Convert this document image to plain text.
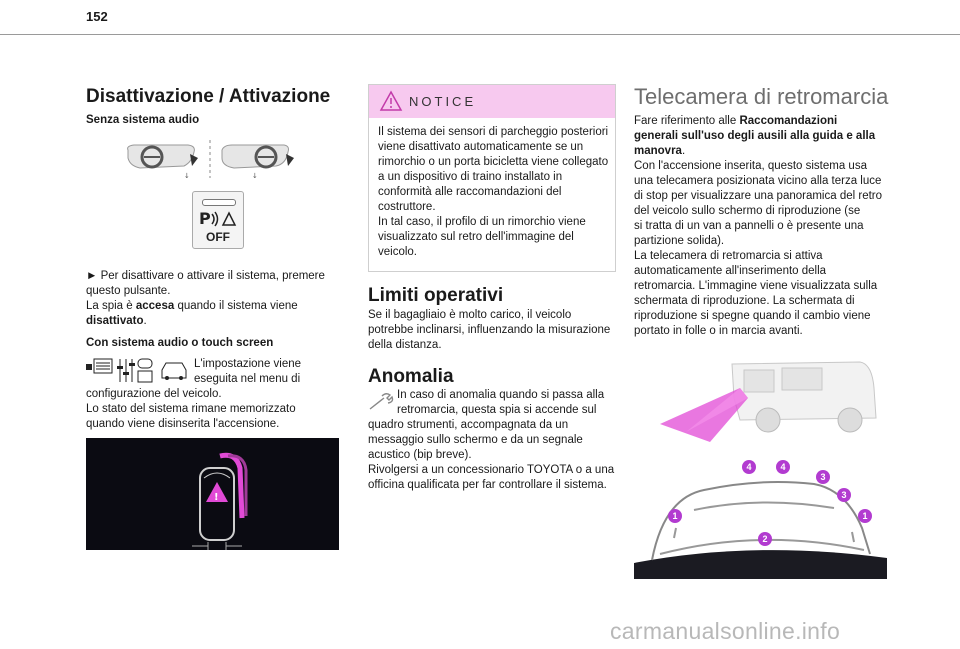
152
Disattivazione / Attivazione
Senza sistema audio
↓	↓
P
OFF
► Per disattivare o attivare il sistema, premere
questo pulsante.
La spia è accesa quando il sistema viene
disattivato.
Con sistema audio o touch screen
L'impostazione viene
eseguita nel menu di
configurazione del veicolo.
Lo stato del sistema rimane memorizzato
quando viene disinserita l'accensione.
!
NOTICE
Il sistema dei sensori di parcheggio posteriori
viene disattivato automaticamente se un
rimorchio o un porta bicicletta viene collegato
a un dispositivo di traino installato in
conformità alle raccomandazioni del
costruttore.
In tal caso, il profilo di un rimorchio viene
visualizzato sul retro dell'immagine del
veicolo.
Limiti operativi
Se il bagagliaio è molto carico, il veicolo
potrebbe inclinarsi, influenzando la misurazione
della distanza.
Anomalia
In caso di anomalia quando si passa alla
retromarcia, questa spia si accende sul
quadro strumenti, accompagnata da un
messaggio sullo schermo e da un segnale
acustico (bip breve).
Rivolgersi a un concessionario TOYOTA o a una
officina qualificata per far controllare il sistema.
Telecamera di retromarcia
Fare riferimento alle Raccomandazioni
generali sull'uso degli ausili alla guida e alla
manovra.
Con l'accensione inserita, questo sistema usa
una telecamera posizionata vicino alla terza luce
di stop per visualizzare una panoramica del retro
del veicolo sullo schermo di riproduzione (se
si tratta di un van a pannelli o è presente una
partizione solida).
La telecamera di retromarcia si attiva
automaticamente all'inserimento della
retromarcia. L'immagine viene visualizzata sulla
schermata di riproduzione. La schermata di
riproduzione si spegne quando il cambio viene
portato in folle o in marcia avanti.
1	1
2
3
3
4	4
carmanualsonline.info
